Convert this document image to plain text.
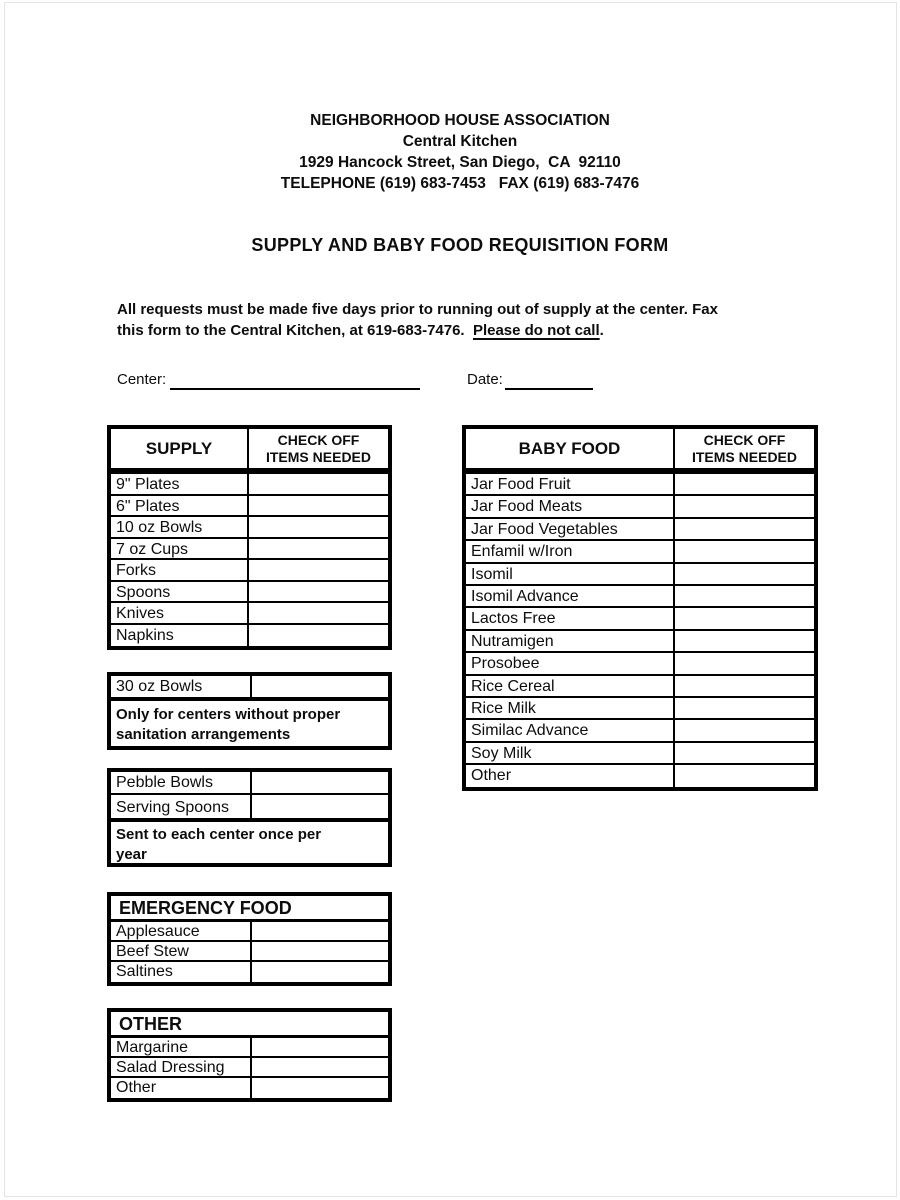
NEIGHBORHOOD HOUSE ASSOCIATION
Central Kitchen
1929 Hancock Street, San Diego,  CA  92110
TELEPHONE (619) 683-7453   FAX (619) 683-7476
SUPPLY AND BABY FOOD REQUISITION FORM
All requests must be made five days prior to running out of supply at the center. Fax
this form to the Central Kitchen, at 619-683-7476.  Please do not call.
Center:	Date:
SUPPLY	CHECK OFF
ITEMS NEEDED
9" Plates
6" Plates
10 oz Bowls
7 oz Cups
Forks
Spoons
Knives
Napkins
BABY FOOD	CHECK OFF
ITEMS NEEDED
Jar Food Fruit
Jar Food Meats
Jar Food Vegetables
Enfamil w/Iron
Isomil
Isomil Advance
Lactos Free
Nutramigen
Prosobee
Rice Cereal
Rice Milk
Similac Advance
Soy Milk
Other
30 oz Bowls
Only for centers without proper
sanitation arrangements
Pebble Bowls
Serving Spoons
Sent to each center once per
year
EMERGENCY FOOD
Applesauce
Beef Stew
Saltines
OTHER
Margarine
Salad Dressing
Other
